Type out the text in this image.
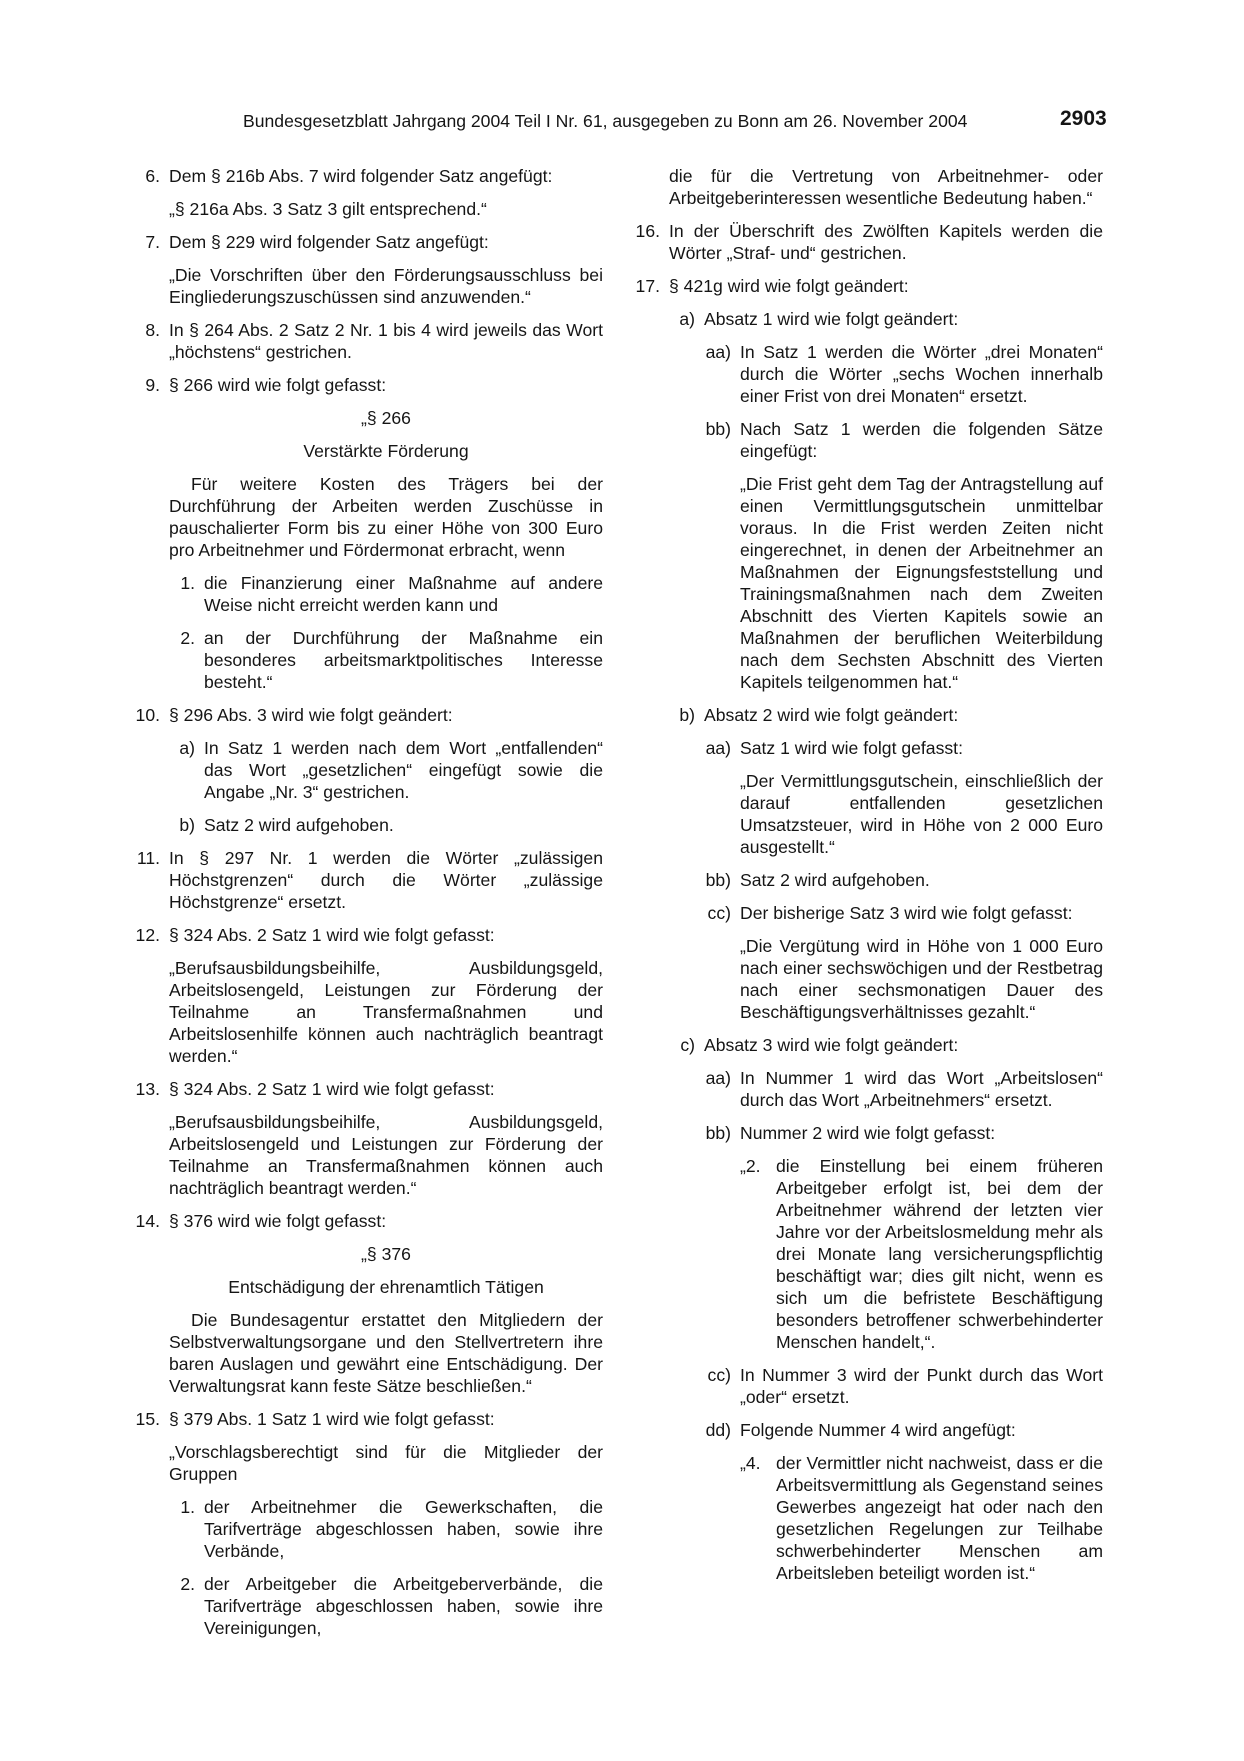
Bundesgesetzblatt Jahrgang 2004 Teil I Nr. 61, ausgegeben zu Bonn am 26. November 2004	2903
6. Dem § 216b Abs. 7 wird folgender Satz angefügt:
„§ 216a Abs. 3 Satz 3 gilt entsprechend.“
7. Dem § 229 wird folgender Satz angefügt:
„Die Vorschriften über den Förderungsausschluss bei Eingliederungszuschüssen sind anzuwenden.“
8. In § 264 Abs. 2 Satz 2 Nr. 1 bis 4 wird jeweils das Wort „höchstens“ gestrichen.
9. § 266 wird wie folgt gefasst:
„§ 266
Verstärkte Förderung
Für weitere Kosten des Trägers bei der Durchführung der Arbeiten werden Zuschüsse in pauschalierter Form bis zu einer Höhe von 300 Euro pro Arbeitnehmer und Fördermonat erbracht, wenn
1. die Finanzierung einer Maßnahme auf andere Weise nicht erreicht werden kann und
2. an der Durchführung der Maßnahme ein besonderes arbeitsmarktpolitisches Interesse besteht.“
10. § 296 Abs. 3 wird wie folgt geändert:
a) In Satz 1 werden nach dem Wort „entfallenden“ das Wort „gesetzlichen“ eingefügt sowie die Angabe „Nr. 3“ gestrichen.
b) Satz 2 wird aufgehoben.
11. In § 297 Nr. 1 werden die Wörter „zulässigen Höchstgrenzen“ durch die Wörter „zulässige Höchstgrenze“ ersetzt.
12. § 324 Abs. 2 Satz 1 wird wie folgt gefasst:
„Berufsausbildungsbeihilfe, Ausbildungsgeld, Arbeitslosengeld, Leistungen zur Förderung der Teilnahme an Transfermaßnahmen und Arbeitslosenhilfe können auch nachträglich beantragt werden.“
13. § 324 Abs. 2 Satz 1 wird wie folgt gefasst:
„Berufsausbildungsbeihilfe, Ausbildungsgeld, Arbeitslosengeld und Leistungen zur Förderung der Teilnahme an Transfermaßnahmen können auch nachträglich beantragt werden.“
14. § 376 wird wie folgt gefasst:
„§ 376
Entschädigung der ehrenamtlich Tätigen
Die Bundesagentur erstattet den Mitgliedern der Selbstverwaltungsorgane und den Stellvertretern ihre baren Auslagen und gewährt eine Entschädigung. Der Verwaltungsrat kann feste Sätze beschließen.“
15. § 379 Abs. 1 Satz 1 wird wie folgt gefasst:
„Vorschlagsberechtigt sind für die Mitglieder der Gruppen
1. der Arbeitnehmer die Gewerkschaften, die Tarifverträge abgeschlossen haben, sowie ihre Verbände,
2. der Arbeitgeber die Arbeitgeberverbände, die Tarifverträge abgeschlossen haben, sowie ihre Vereinigungen,
die für die Vertretung von Arbeitnehmer- oder Arbeitgeberinteressen wesentliche Bedeutung haben.“
16. In der Überschrift des Zwölften Kapitels werden die Wörter „Straf- und“ gestrichen.
17. § 421g wird wie folgt geändert:
a) Absatz 1 wird wie folgt geändert:
aa) In Satz 1 werden die Wörter „drei Monaten“ durch die Wörter „sechs Wochen innerhalb einer Frist von drei Monaten“ ersetzt.
bb) Nach Satz 1 werden die folgenden Sätze eingefügt:
„Die Frist geht dem Tag der Antragstellung auf einen Vermittlungsgutschein unmittelbar voraus. In die Frist werden Zeiten nicht eingerechnet, in denen der Arbeitnehmer an Maßnahmen der Eignungsfeststellung und Trainingsmaßnahmen nach dem Zweiten Abschnitt des Vierten Kapitels sowie an Maßnahmen der beruflichen Weiterbildung nach dem Sechsten Abschnitt des Vierten Kapitels teilgenommen hat.“
b) Absatz 2 wird wie folgt geändert:
aa) Satz 1 wird wie folgt gefasst:
„Der Vermittlungsgutschein, einschließlich der darauf entfallenden gesetzlichen Umsatzsteuer, wird in Höhe von 2 000 Euro ausgestellt.“
bb) Satz 2 wird aufgehoben.
cc) Der bisherige Satz 3 wird wie folgt gefasst:
„Die Vergütung wird in Höhe von 1 000 Euro nach einer sechswöchigen und der Restbetrag nach einer sechsmonatigen Dauer des Beschäftigungsverhältnisses gezahlt.“
c) Absatz 3 wird wie folgt geändert:
aa) In Nummer 1 wird das Wort „Arbeitslosen“ durch das Wort „Arbeitnehmers“ ersetzt.
bb) Nummer 2 wird wie folgt gefasst:
„2. die Einstellung bei einem früheren Arbeitgeber erfolgt ist, bei dem der Arbeitnehmer während der letzten vier Jahre vor der Arbeitslosmeldung mehr als drei Monate lang versicherungspflichtig beschäftigt war; dies gilt nicht, wenn es sich um die befristete Beschäftigung besonders betroffener schwerbehinderter Menschen handelt,“.
cc) In Nummer 3 wird der Punkt durch das Wort „oder“ ersetzt.
dd) Folgende Nummer 4 wird angefügt:
„4. der Vermittler nicht nachweist, dass er die Arbeitsvermittlung als Gegenstand seines Gewerbes angezeigt hat oder nach den gesetzlichen Regelungen zur Teilhabe schwerbehinderter Menschen am Arbeitsleben beteiligt worden ist.“
